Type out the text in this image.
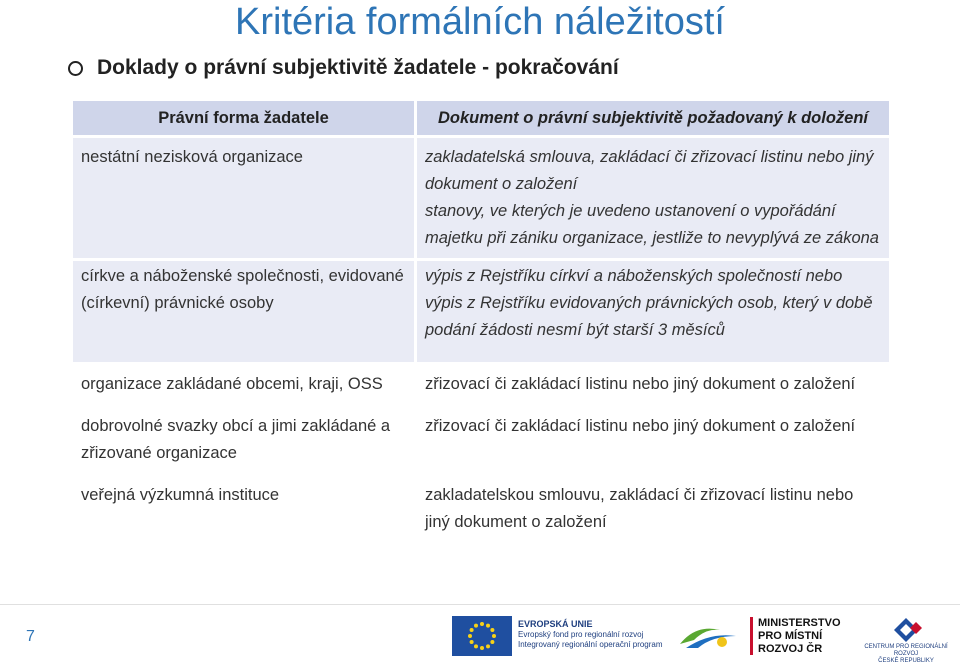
Kritéria formálních náležitostí
Doklady o právní subjektivitě žadatele - pokračování
Právní forma žadatele	Dokument o právní subjektivitě požadovaný k doložení
nestátní nezisková organizace	zakladatelská smlouva, zakládací či zřizovací listinu nebo jiný dokument o založení
stanovy, ve kterých je uvedeno ustanovení o vypořádání majetku při zániku organizace, jestliže to nevyplývá ze zákona

církve a náboženské společnosti, evidované (církevní) právnické osoby	výpis z Rejstříku církví a náboženských společností nebo výpis z Rejstříku evidovaných právnických osob, který v době podání žádosti nesmí být starší 3 měsíců

organizace zakládané obcemi, kraji, OSS	zřizovací či zakládací listinu nebo jiný dokument o založení

dobrovolné svazky obcí a jimi zakládané a zřizované organizace	zřizovací či zakládací listinu nebo jiný dokument o založení

veřejná výzkumná instituce	zakladatelskou smlouvu, zakládací či zřizovací listinu nebo jiný dokument o založení
7
EVROPSKÁ UNIE
Evropský fond pro regionální rozvoj
Integrovaný regionální operační program
MINISTERSTVO
PRO MÍSTNÍ
ROZVOJ ČR	CENTRUM PRO REGIONÁLNÍ ROZVOJ
ČESKÉ REPUBLIKY
